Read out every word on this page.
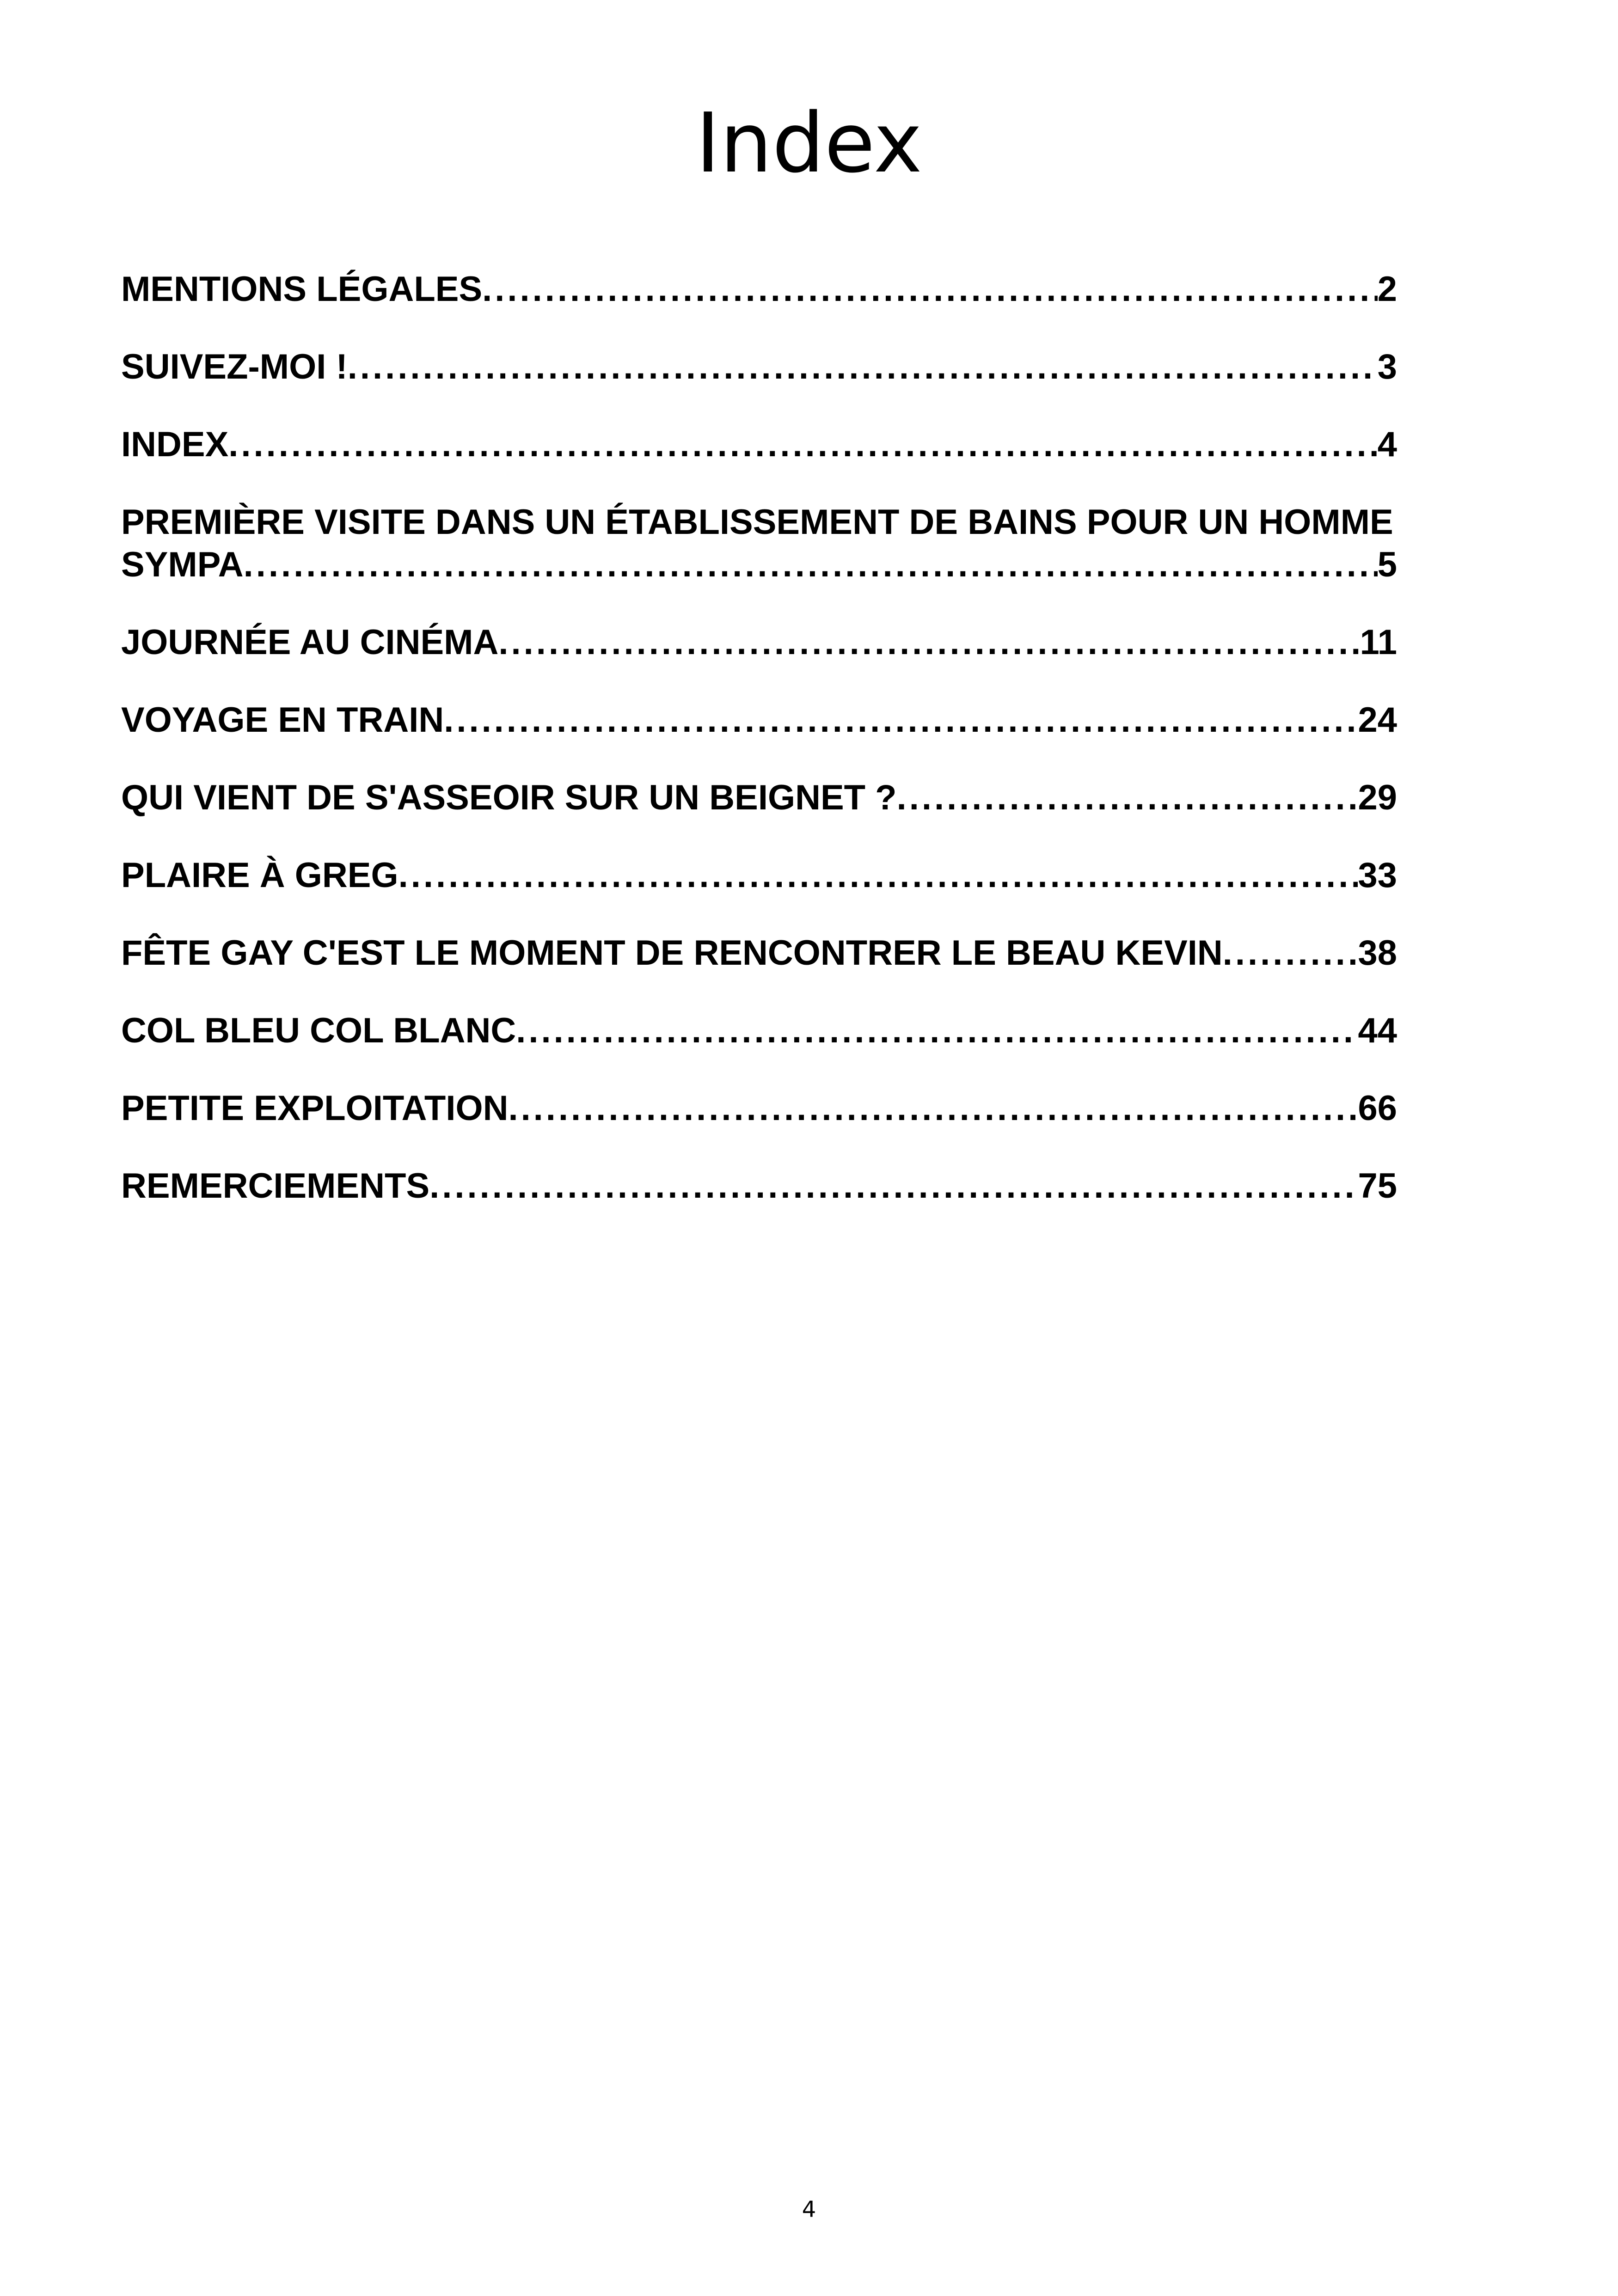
Index
MENTIONS LÉGALES .....	2
SUIVEZ-MOI ! .....	3
INDEX .....	4
PREMIÈRE VISITE DANS UN ÉTABLISSEMENT DE BAINS POUR UN HOMME
SYMPA .....	5
JOURNÉE AU CINÉMA .....	11
VOYAGE EN TRAIN .....	24
QUI VIENT DE S'ASSEOIR SUR UN BEIGNET ? .....	29
PLAIRE À GREG .....	33
FÊTE GAY C'EST LE MOMENT DE RENCONTRER LE BEAU KEVIN .....	38
COL BLEU COL BLANC .....	44
PETITE EXPLOITATION .....	66
REMERCIEMENTS .....	75

4
